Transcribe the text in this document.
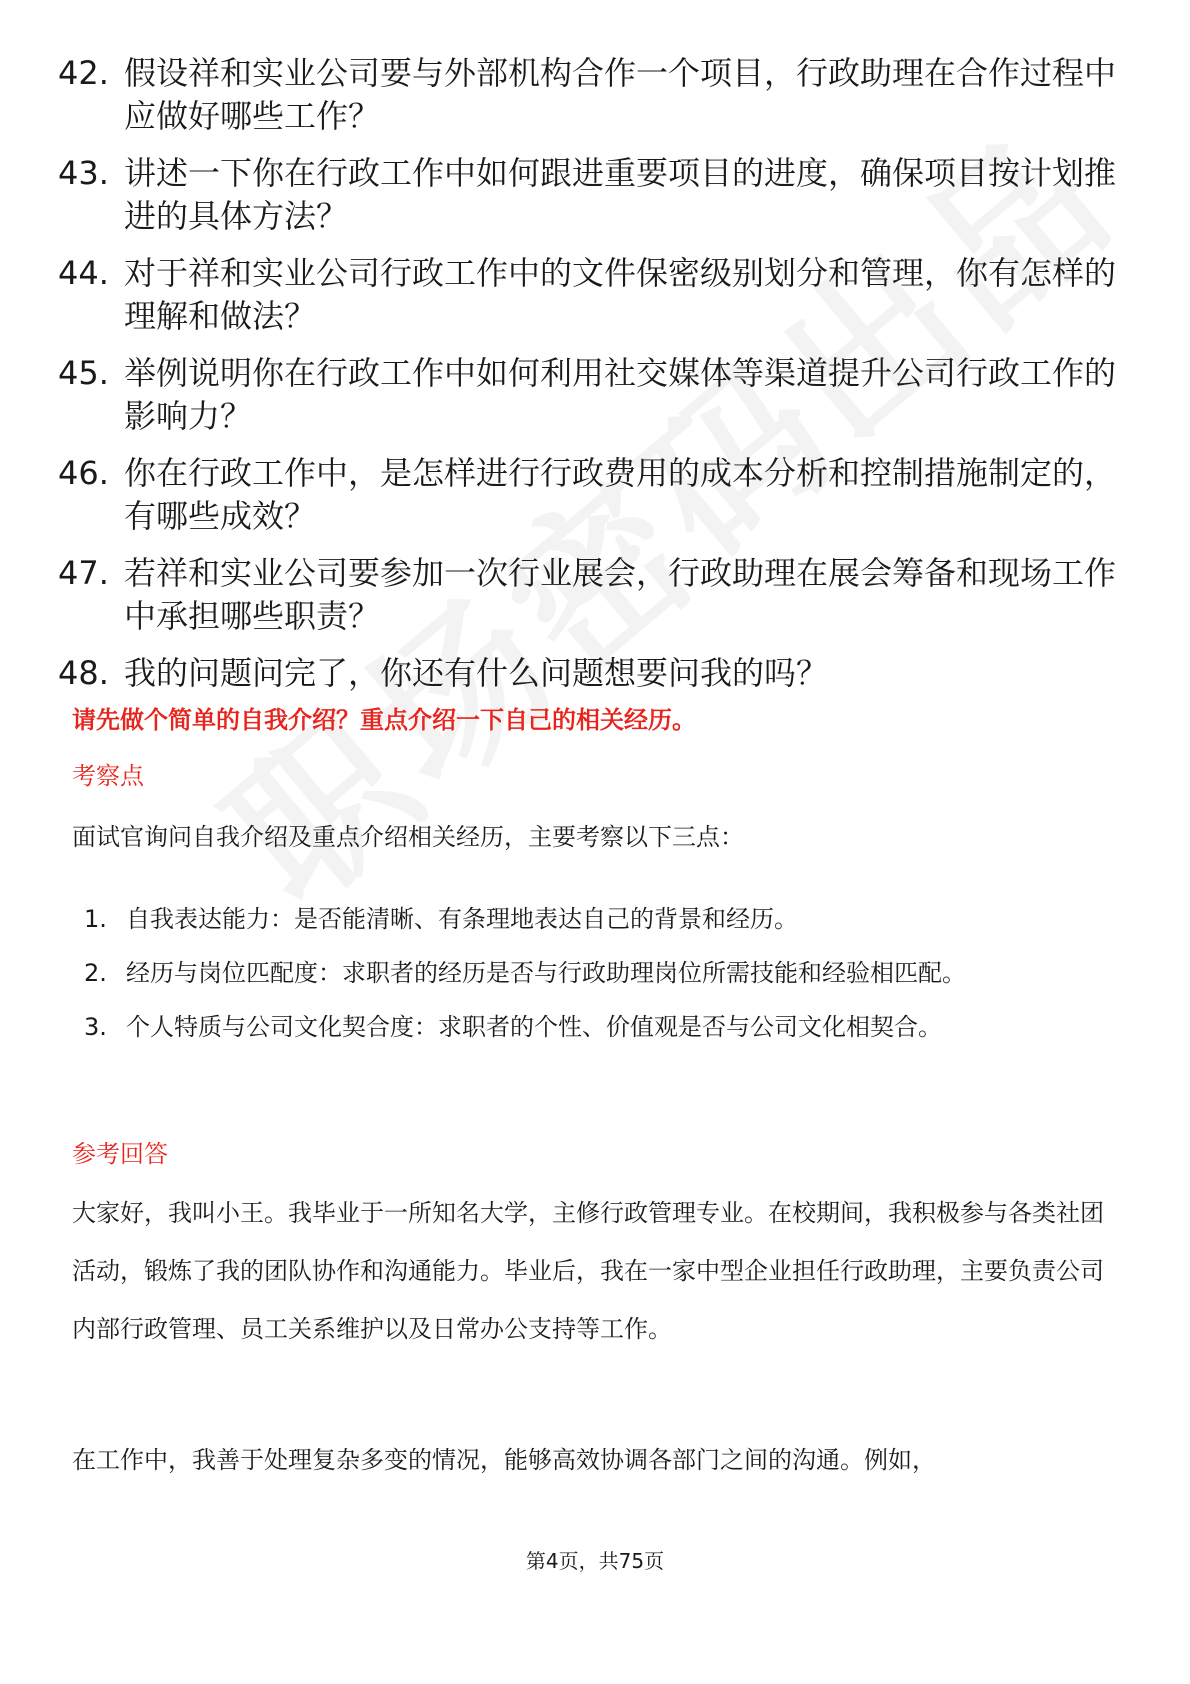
42. 假设祥和实业公司要与外部机构合作一个项目，行政助理在合作过程中应做好哪些工作？
43. 讲述一下你在行政工作中如何跟进重要项目的进度，确保项目按计划推进的具体方法？
44. 对于祥和实业公司行政工作中的文件保密级别划分和管理，你有怎样的理解和做法？
45. 举例说明你在行政工作中如何利用社交媒体等渠道提升公司行政工作的影响力？
46. 你在行政工作中，是怎样进行行政费用的成本分析和控制措施制定的，有哪些成效？
47. 若祥和实业公司要参加一次行业展会，行政助理在展会筹备和现场工作中承担哪些职责？
48. 我的问题问完了，你还有什么问题想要问我的吗？
请先做个简单的自我介绍？重点介绍一下自己的相关经历。
考察点
面试官询问自我介绍及重点介绍相关经历，主要考察以下三点：
1. 自我表达能力：是否能清晰、有条理地表达自己的背景和经历。
2. 经历与岗位匹配度：求职者的经历是否与行政助理岗位所需技能和经验相匹配。
3. 个人特质与公司文化契合度：求职者的个性、价值观是否与公司文化相契合。
参考回答
大家好，我叫小王。我毕业于一所知名大学，主修行政管理专业。在校期间，我积极参与各类社团活动，锻炼了我的团队协作和沟通能力。毕业后，我在一家中型企业担任行政助理，主要负责公司内部行政管理、员工关系维护以及日常办公支持等工作。
在工作中，我善于处理复杂多变的情况，能够高效协调各部门之间的沟通。例如，
第4页，共75页
